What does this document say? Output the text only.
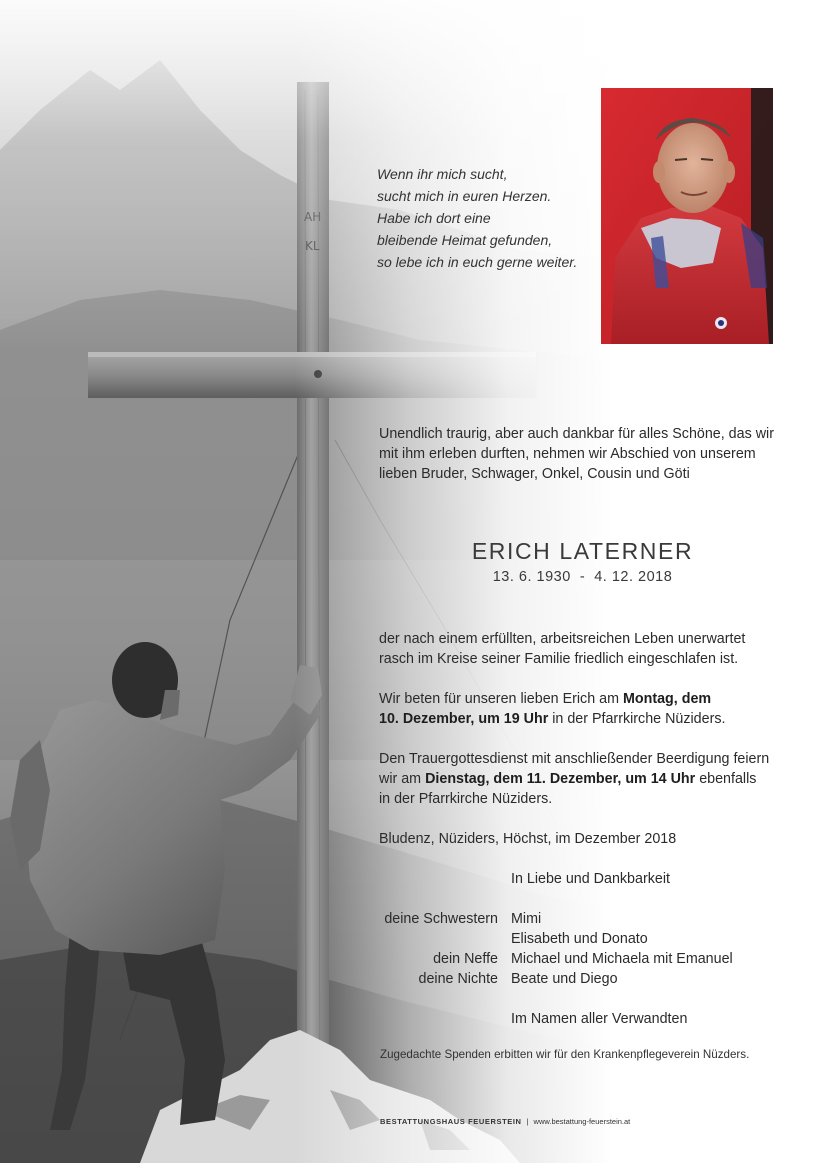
Wenn ihr mich sucht,
sucht mich in euren Herzen.
Habe ich dort eine
bleibende Heimat gefunden,
so lebe ich in euch gerne weiter.
Unendlich traurig, aber auch dankbar für alles Schöne, das wir
mit ihm erleben durften, nehmen wir Abschied von unserem
lieben Bruder, Schwager, Onkel, Cousin und Göti
ERICH LATERNER
13. 6. 1930  -  4. 12. 2018
der nach einem erfüllten, arbeitsreichen Leben unerwartet
rasch im Kreise seiner Familie friedlich eingeschlafen ist.
Wir beten für unseren lieben Erich am Montag, dem
10. Dezember, um 19 Uhr in der Pfarrkirche Nüziders.
Den Trauergottesdienst mit anschließender Beerdigung feiern
wir am Dienstag, dem 11. Dezember, um 14 Uhr ebenfalls
in der Pfarrkirche Nüziders.
Bludenz, Nüziders, Höchst, im Dezember 2018
In Liebe und Dankbarkeit
deine Schwestern Mimi
Elisabeth und Donato
dein Neffe Michael und Michaela mit Emanuel
deine Nichte Beate und Diego
Im Namen aller Verwandten
Zugedachte Spenden erbitten wir für den Krankenpflegeverein Nüzders.
BESTATTUNGSHAUS FEUERSTEIN | www.bestattung-feuerstein.at
